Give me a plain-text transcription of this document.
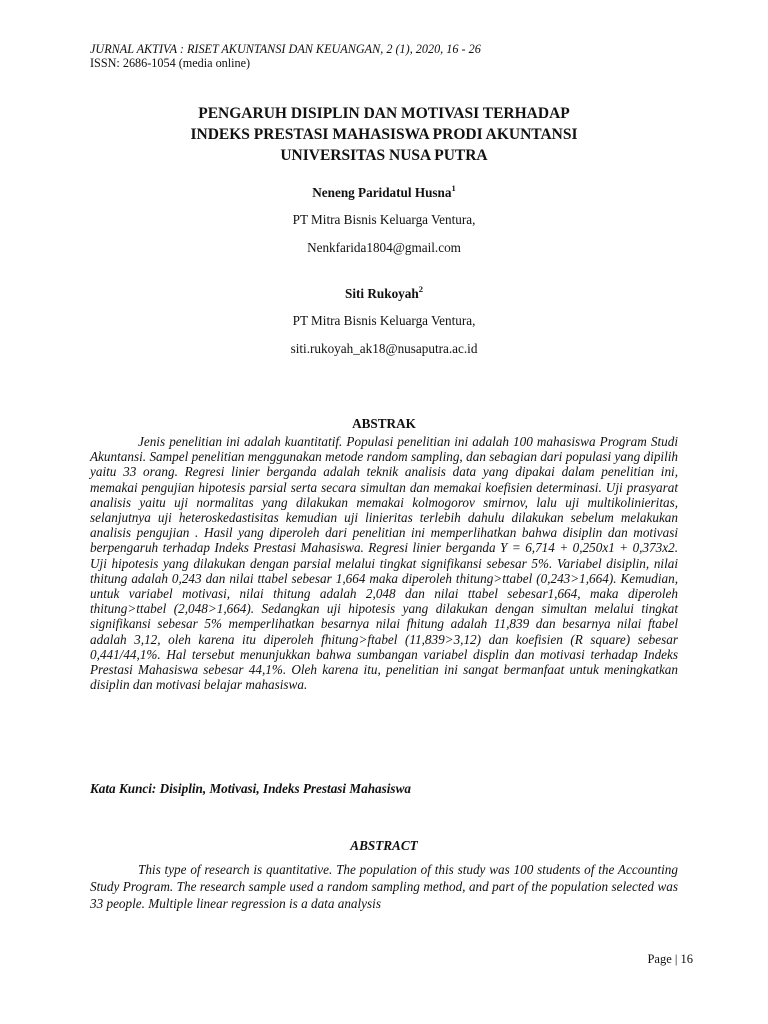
JURNAL AKTIVA : RISET AKUNTANSI DAN KEUANGAN, 2 (1), 2020, 16 - 26
ISSN: 2686-1054 (media online)
PENGARUH DISIPLIN DAN MOTIVASI TERHADAP
INDEKS PRESTASI MAHASISWA PRODI AKUNTANSI
UNIVERSITAS NUSA PUTRA
Neneng Paridatul Husna$^1$
PT Mitra Bisnis Keluarga Ventura,
Nenkfarida1804@gmail.com
Siti Rukoyah$^2$
PT Mitra Bisnis Keluarga Ventura,
siti.rukoyah_ak18@nusaputra.ac.id
ABSTRAK

Jenis penelitian ini adalah kuantitatif. Populasi penelitian ini adalah 100 mahasiswa Program Studi Akuntansi. Sampel penelitian menggunakan metode random sampling, dan sebagian dari populasi yang dipilih yaitu 33 orang. Regresi linier berganda adalah teknik analisis data yang dipakai dalam penelitian ini, memakai pengujian hipotesis parsial serta secara simultan dan memakai koefisien determinasi. Uji prasyarat analisis yaitu uji normalitas yang dilakukan memakai kolmogorov smirnov, lalu uji multikolinieritas, selanjutnya uji heteroskedastisitas kemudian uji linieritas terlebih dahulu dilakukan sebelum melakukan analisis pengujian . Hasil yang diperoleh dari penelitian ini memperlihatkan bahwa disiplin dan motivasi berpengaruh terhadap Indeks Prestasi Mahasiswa. Regresi linier berganda Y = 6,714 + 0,250x1 + 0,373x2. Uji hipotesis yang dilakukan dengan parsial melalui tingkat signifikansi sebesar 5%. Variabel disiplin, nilai thitung adalah 0,243 dan nilai ttabel sebesar 1,664 maka diperoleh thitung>ttabel (0,243>1,664). Kemudian, untuk variabel motivasi, nilai thitung adalah 2,048 dan nilai ttabel sebesar1,664, maka diperoleh thitung>ttabel (2,048>1,664). Sedangkan uji hipotesis yang dilakukan dengan simultan melalui tingkat signifikansi sebesar 5% memperlihatkan besarnya nilai fhitung adalah 11,839 dan besarnya nilai ftabel adalah 3,12, oleh karena itu diperoleh fhitung>ftabel (11,839>3,12) dan koefisien (R square) sebesar 0,441/44,1%. Hal tersebut menunjukkan bahwa sumbangan variabel displin dan motivasi terhadap Indeks Prestasi Mahasiswa sebesar 44,1%. Oleh karena itu, penelitian ini sangat bermanfaat untuk meningkatkan disiplin dan motivasi belajar mahasiswa.

Kata Kunci: Disiplin, Motivasi, Indeks Prestasi Mahasiswa
ABSTRACT

This type of research is quantitative. The population of this study was 100 students of the Accounting Study Program. The research sample used a random sampling method, and part of the population selected was 33 people. Multiple linear regression is a data analysis

Page | 16
